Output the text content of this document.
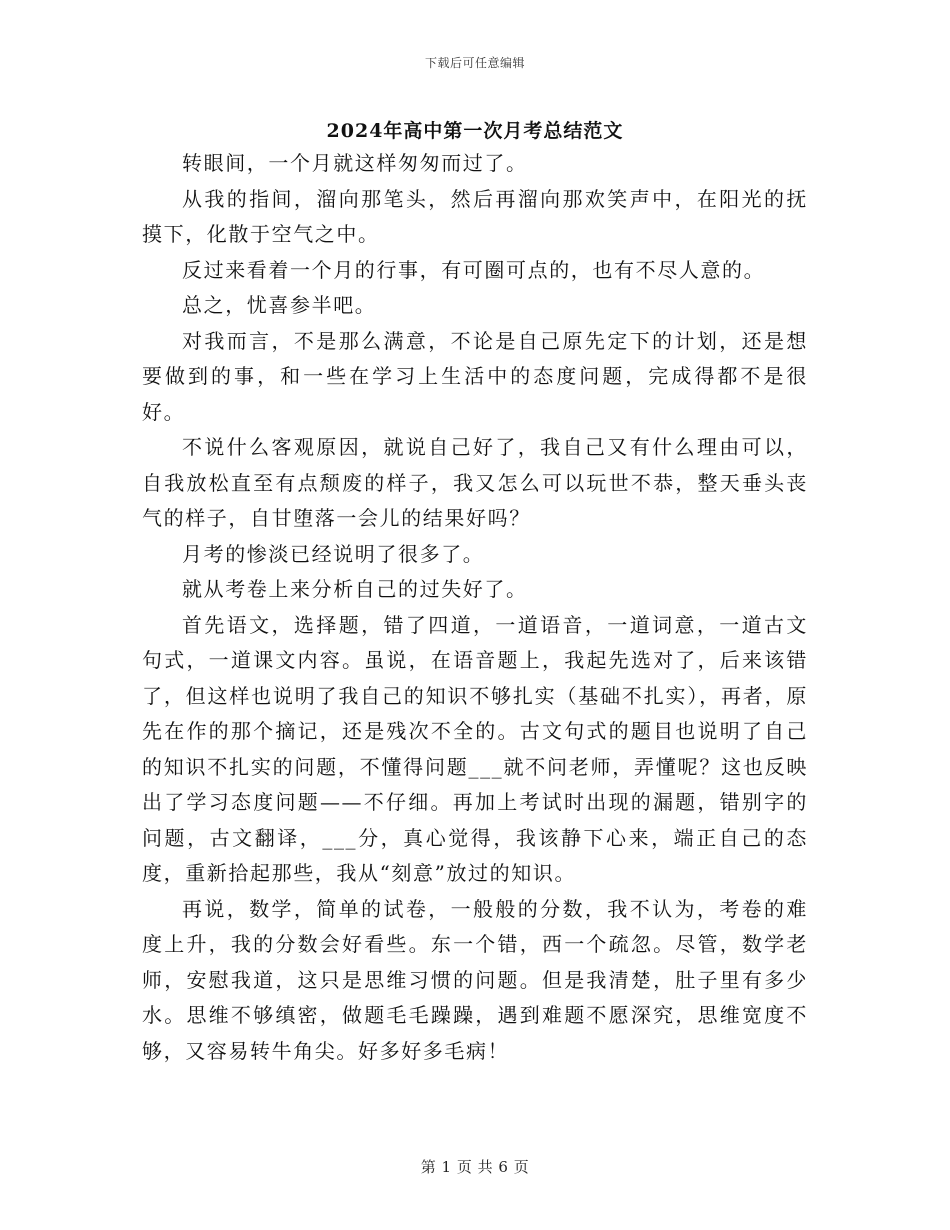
下载后可任意编辑
2024年高中第一次月考总结范文

转眼间，一个月就这样匆匆而过了。

从我的指间，溜向那笔头，然后再溜向那欢笑声中，在阳光的抚摸下，化散于空气之中。

反过来看着一个月的行事，有可圈可点的，也有不尽人意的。

总之，忧喜参半吧。

对我而言，不是那么满意，不论是自己原先定下的计划，还是想要做到的事，和一些在学习上生活中的态度问题，完成得都不是很好。

不说什么客观原因，就说自己好了，我自己又有什么理由可以，自我放松直至有点颓废的样子，我又怎么可以玩世不恭，整天垂头丧气的样子，自甘堕落一会儿的结果好吗？

月考的惨淡已经说明了很多了。

就从考卷上来分析自己的过失好了。

首先语文，选择题，错了四道，一道语音，一道词意，一道古文句式，一道课文内容。虽说，在语音题上，我起先选对了，后来该错了，但这样也说明了我自己的知识不够扎实（基础不扎实），再者，原先在作的那个摘记，还是残次不全的。古文句式的题目也说明了自己的知识不扎实的问题，不懂得问题___就不问老师，弄懂呢？这也反映出了学习态度问题——不仔细。再加上考试时出现的漏题，错别字的问题，古文翻译，___分，真心觉得，我该静下心来，端正自己的态度，重新拾起那些，我从“刻意”放过的知识。

再说，数学，简单的试卷，一般般的分数，我不认为，考卷的难度上升，我的分数会好看些。东一个错，西一个疏忽。尽管，数学老师，安慰我道，这只是思维习惯的问题。但是我清楚，肚子里有多少水。思维不够缜密，做题毛毛躁躁，遇到难题不愿深究，思维宽度不够，又容易转牛角尖。好多好多毛病！

第 1 页 共 6 页
